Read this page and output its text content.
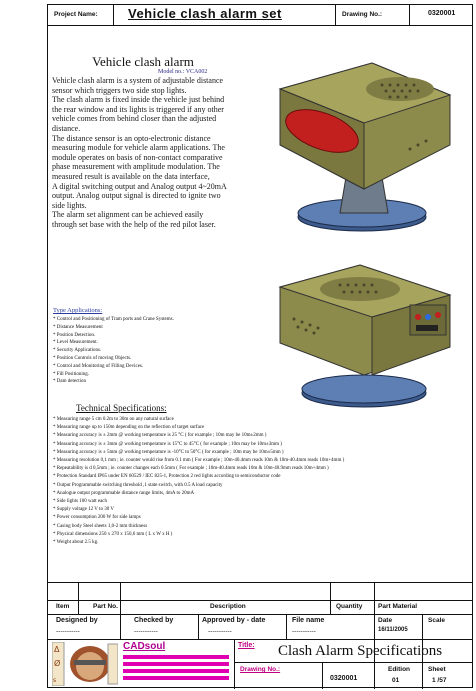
Project Name: Vehicle clash alarm set	Drawing No.:	0320001
Vehicle clash alarm
Model no.: VCA002

Vehicle clash alarm is a system of adjustable distance sensor which triggers two side stop lights.

The clash alarm is fixed inside the vehicle just behind the rear window and its lights is triggered if any other vehicle comes from behind closer than the adjusted distance.

The distance sensor is an opto-electronic distance measuring module for vehicle alarm applications. The module operates on basis of non-contact comparative phase measurement with amplitude modulation. The measured result is available on the data interface,

A digital switching output and Analog output 4~20mA output. Analog output signal is directed to ignite two side lights.

The alarm set alignment can be achieved easily through set base with the help of the red pilot laser.

Type Applications:
* Control and Positioning of Tram ports and Crane Systems.
* Distance Measurement
* Position Detection.
* Level Measurement.
* Security Applications.
* Position Controls of moving Objects.
* Control and Monitoring of Filling Devices.
* Fill Positioning.
* Dam detection
Technical Specifications:
* Measuring range 5 cm 0.2m to 30m on any natural surface
* Measuring range up to 150m depending on the reflection of target surface
* Measuring accuracy is ± 2mm @ working temperature is 25 °C ( for example ; 10m may be 10m±2mm )
* Measuring accuracy is ± 3mm @ working temperature is 15°C to 45°C ( for example ; 10m may be 10m±3mm )
* Measuring accuracy is ± 5mm @ working temperature is -10°C to 50°C ( for example ; 10m may be 10m±5mm )
* Measuring resolution 0,1 mm ; ie. counter would rise from 0.1 mm ( For example ; 10m-40.4mm reads 10m & 10m-40.4mm reads 10m+4mm )
* Repeatability is d 0,5mm ; ie. counter changes each 0.5mm ( For example ; 10m-40.4mm reads 10m & 10m-40.9mm reads 10m+4mm )
* Protection Standard IP65 under EN 60529 / IEC 825-1, Protection 2 red lights according to semiconductor code
* Output Programmable switching threshold ,1 state switch, with 0.5 A load capacity
* Analogue output programmable distance range limits, 4mA to 20mA
* Side lights 100 watt each
* Supply voltage 12 V to 30 V
* Power consumption 200 W for side lamps
* Casing body Steel sheets 1,0-2 mm thickness
* Physical dimensions 250 x 270 x 150,6 mm ( L x W x H )
* Weight about 2.5 kg.
Item	Part No.	Description	Quantity Part Material
Designed by
-----------
Checked by
-----------
Approved by - date
-----------
File name
-----------
Date
16/11/2005
Scale
Δ
Ø
s
CADsoul	Title: Clash Alarm Specifications
Drawing No.:
0320001
Edition
01
Sheet
1 /57
